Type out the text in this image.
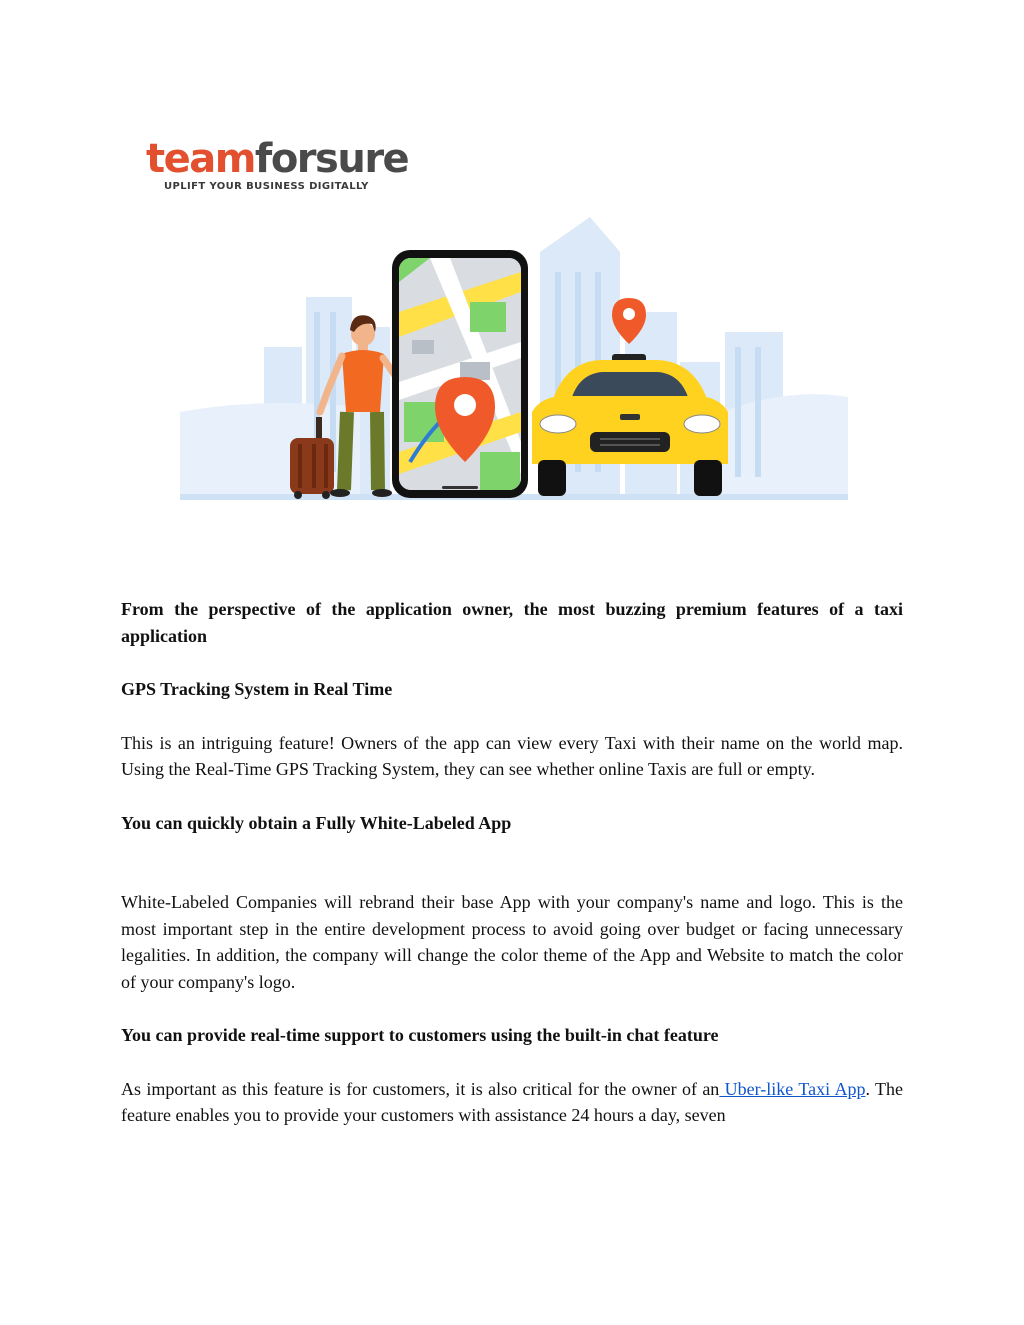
teamforsure

UPLIFT YOUR BUSINESS DIGITALLY

From the perspective of the application owner, the most buzzing premium features of a taxi application
GPS Tracking System in Real Time

This is an intriguing feature! Owners of the app can view every Taxi with their name on the world map. Using the Real-Time GPS Tracking System, they can see whether online Taxis are full or empty.

You can quickly obtain a Fully White-Labeled App

White-Labeled Companies will rebrand their base App with your company's name and logo. This is the most important step in the entire development process to avoid going over budget or facing unnecessary legalities. In addition, the company will change the color theme of the App and Website to match the color of your company's logo.

You can provide real-time support to customers using the built-in chat feature

As important as this feature is for customers, it is also critical for the owner of an Uber-like Taxi App. The feature enables you to provide your customers with assistance 24 hours a day, seven
